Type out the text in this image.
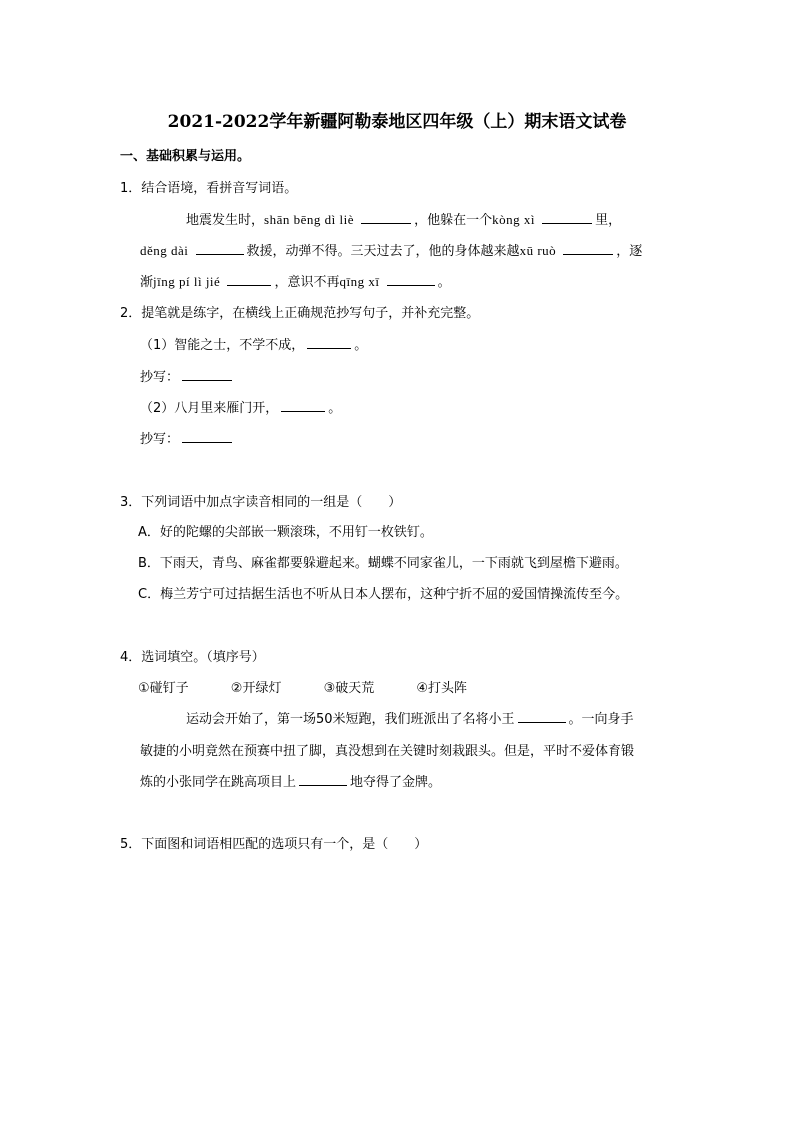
2021-2022学年新疆阿勒泰地区四年级（上）期末语文试卷
一、基础积累与运用。
1．结合语境，看拼音写词语。
地震发生时，shān bēng dì liè	，他躲在一个kòng xì	里，
děng dài	救援，动弹不得。三天过去了，他的身体越来越xū ruò	，逐
渐jīng pí lì jié	，意识不再qīng xī	。
2．提笔就是练字，在横线上正确规范抄写句子，并补充完整。
（1）智能之士，不学不成，	。
抄写：
（2）八月里来雁门开，	。
抄写：
3．下列词语中加点字读音相同的一组是（　　）
A．好的陀螺的尖部嵌一颗滚珠，不用钉一枚铁钉。
B．下雨天，青鸟、麻雀都要躲避起来。蝴蝶不同家雀儿，一下雨就飞到屋檐下避雨。
C．梅兰芳宁可过拮据生活也不听从日本人摆布，这种宁折不屈的爱国情操流传至今。
4．选词填空。（填序号）
①碰钉子	②开绿灯	③破天荒	④打头阵
运动会开始了，第一场50米短跑，我们班派出了名将小王	。一向身手
敏捷的小明竟然在预赛中扭了脚，真没想到在关键时刻栽跟头。但是，平时不爱体育锻
炼的小张同学在跳高项目上	地夺得了金牌。
5．下面图和词语相匹配的选项只有一个，是（　　）
